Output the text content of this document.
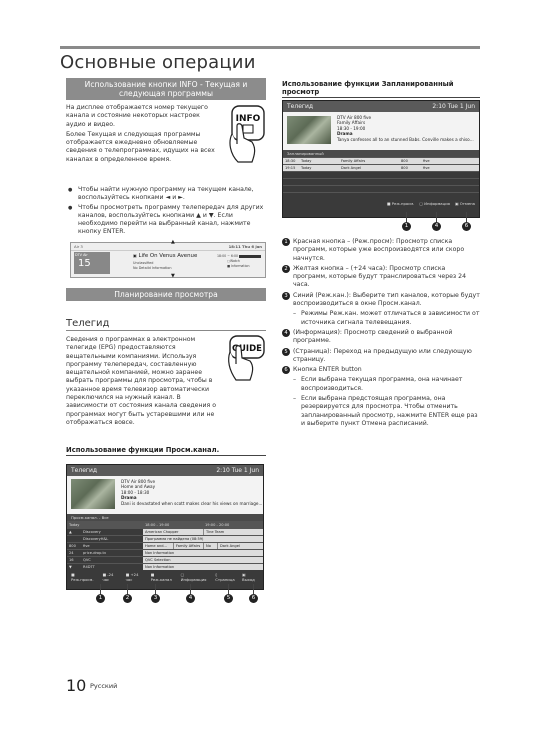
Основные операции
Использование кнопки INFO - Текущая и следующая программы

На дисплее отображается номер текущего канала и состояние некоторых настроек аудио и видео.

Более Текущая и следующая программы отображается ежедневно обновляемые сведения о телепрограммах, идущих на всех каналах в определенное время.

INFO
● Чтобы найти нужную программу на текущем канале, воспользуйтесь кнопками ◄ и ►.
● Чтобы просмотреть программу телепередач для других каналов, воспользуйтесь кнопками ▲ и ▼. Если необходимо перейти на выбранный канал, нажмите кнопку ENTER.
Air 3	18:11 Thu 6 Jan
DTV Air
15
▣ Life On Venus Avenue
Unclassified
No Detaild Information
18:00 ~ 6:00
▢Watch
■ Information
▲
▼
Планирование просмотра
Телегид

Сведения о программах в электронном телегиде (EPG) предоставляются вещательными компаниями. Используя программу телепередач, составленную вещательной компанией, можно заранее выбрать программы для просмотра, чтобы в указанное время телевизор автоматически переключился на нужный канал. В зависимости от состояния канала сведения о программах могут быть устаревшими или не отображаться вовсе.

GUIDE
Использование функции Просм.канал.
Телегид	2:10 Tue 1 Jun
DTV Air 800 five
Home and Away
18:00 - 18:30
Drama
Dani is devastated when scott makes clear his views on marriage...
Просм.канал. - Все
Today	18:00 - 19:00	19:00 - 20:00
▲	Discovery	American Chopper	Tine Team
DiscoveryH&L	Программа не найдена (08:59)
800	five	Home and...	Family Affairs	No	Dark Angel
24	price-drop.tv	Non Information
16	QVC	QVC Selection
▼	R4DTT	Non Information
■ Реж.просм.
■ -24 час
■ +24 час
■ Реж.канал
▢ Информация
◊ Страница
▣ Выход
1	2	3	4	5	6
Использование функции Запланированный просмотр
Телегид	2:10 Tue 1 Jun
DTV Air 800 five
Family Affairs
18:30 - 19:00
Drama
Tanya confesses all to an stunned Babs. Conville makes a shiso...
Запланированный
18:30	Today	Family Affairs	800	five
19:15	Today	Dark Angel	800	five
■ Реж.просм. ▢ Информация ▣ Отмена
1	4	6
1 Красная кнопка – (Реж.просм): Просмотр списка программ, которые уже воспроизводятся или скоро начнутся.
2 Желтая кнопка – (+24 часа): Просмотр списка программ, которые будут транслироваться через 24 часа.
3 Синий (Реж.кан.): Выберите тип каналов, которые будут воспроизводиться в окне Просм.канал.
– Режимы Реж.кан. может отличаться в зависимости от источника сигнала телевещания.
4 (Информация): Просмотр сведений о выбранной программе.
5 (Страница): Переход на предыдущую или следующую страницу.
6 Кнопка ENTER button
– Если выбрана текущая программа, она начинает воспроизводиться.
– Если выбрана предстоящая программа, она резервируется для просмотра. Чтобы отменить запланированный просмотр, нажмите ENTER еще раз и выберите пункт Отмена расписаний.
10 Русский
